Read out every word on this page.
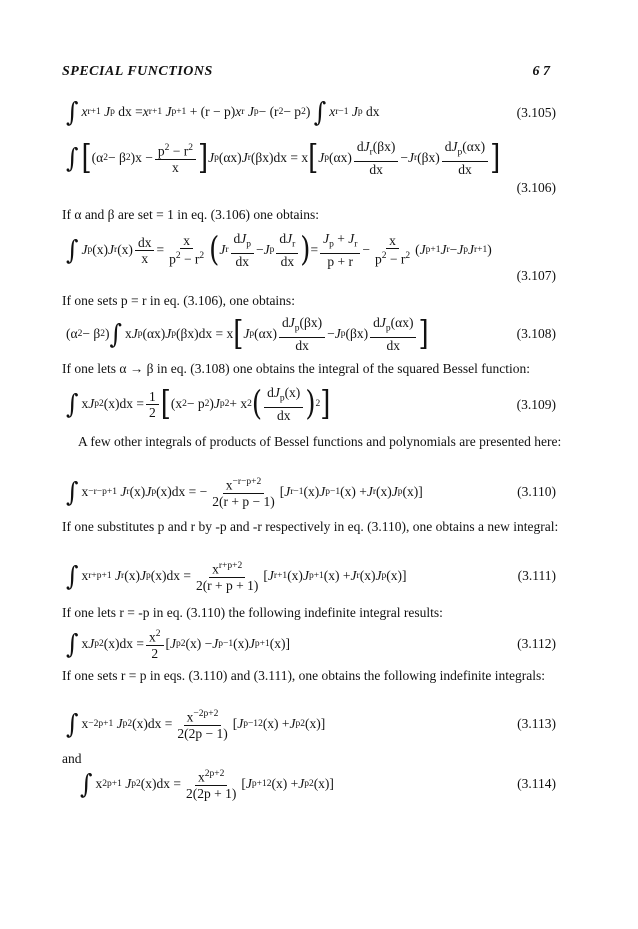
SPECIAL FUNCTIONS	6 7
∫ x r+1
J p dx = x r+1
J p+1 + (r − p) x r
J p − (r 2 − p 2 ) ∫ x r−1
J p dx	(3.105)
∫ [ (α 2 − β 2 )$x - \frac{p^2 - r^2}{x}$ ] J p (αx) J r (βx)dx = x [ J p $(\alpha x) \frac{dJ_r(\beta x)}{dx} - J$ r $(\beta x) \frac{dJ_p(\alpha x)}{dx}$ ]
(3.106)
If α and β are set = 1 in eq. (3.106) one obtains:
∫ J p (x) J r $(x) \frac{dx}{x} = \frac{x}{p^2 - r^2}$ ( J r $\frac{dJ_p}{dx} - J$ p $\frac{dJ_r}{dx}$ ) = $\frac{J_p + J_r}{p + r} - \frac{x}{p^2 - r^2}$ ( J p+1 J r − J p J r+1 )
(3.107)
If one sets p = r in eq. (3.106), one obtains:
(α 2 − β 2 ) ∫ x J p (αx) J p (βx)dx = x [ J p $(\alpha x) \frac{dJ_p(\beta x)}{dx} - J$ p $(\beta x) \frac{dJ_p(\alpha x)}{dx}$ ]	(3.108)
If one lets α → β in eq. (3.108) one obtains the integral of the squared Bessel function:
∫ x J p 2 $(x)dx = \frac{1}{2}$ [ (x 2 − p 2 ) J p 2 + x 2 ( $\frac{dJ_p(x)}{dx}$ ) 2 ]	(3.109)
A few other integrals of products of Bessel functions and polynomials are presented here:
∫ x −r−p+1
J r (x) J p (x)dx = − $\frac{x^{-r-p+2}}{2(r + p - 1)}$ [ J r−1 (x) J p−1 (x) + J r (x) J p (x)]	(3.110)
If one substitutes p and r by -p and -r respectively in eq. (3.110), one obtains a new integral:
∫ x r+p+1
J r (x) J p $(x)dx = \frac{x^{r+p+2}}{2(r + p + 1)}$ [ J r+1 (x) J p+1 (x) + J r (x) J p (x)]	(3.111)
If one lets r = -p in eq. (3.110) the following indefinite integral results:
∫ x J p 2 $(x)dx = \frac{x^2}{2}$ [ J p 2 (x) − J p−1 (x) J p+1 (x)]	(3.112)
If one sets r = p in eqs. (3.110) and (3.111), one obtains the following indefinite integrals:
∫ x −2p+1
J p 2 $(x)dx = \frac{x^{-2p+2}}{2(2p - 1)}$ [ J p−1 2 (x) + J p 2 (x)]	(3.113)
and
∫ x 2p+1
J p 2 $(x)dx = \frac{x^{2p+2}}{2(2p + 1)}$ [ J p+1 2 (x) + J p 2 (x)]	(3.114)
